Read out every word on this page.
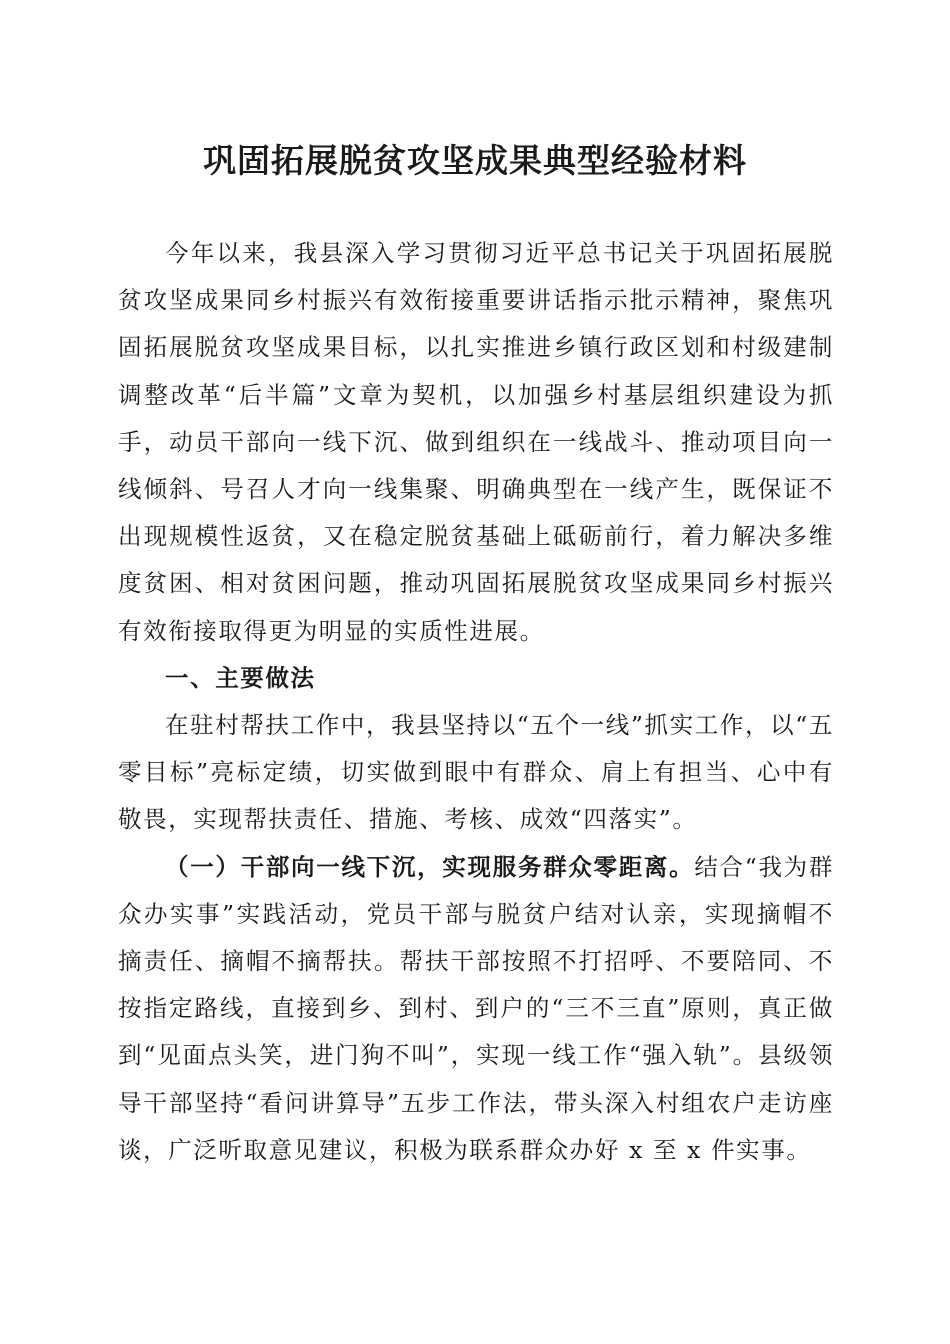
巩固拓展脱贫攻坚成果典型经验材料

今年以来，我县深入学习贯彻习近平总书记关于巩固拓展脱贫攻坚成果同乡村振兴有效衔接重要讲话指示批示精神，聚焦巩固拓展脱贫攻坚成果目标，以扎实推进乡镇行政区划和村级建制调整改革“后半篇”文章为契机，以加强乡村基层组织建设为抓手，动员干部向一线下沉、做到组织在一线战斗、推动项目向一线倾斜、号召人才向一线集聚、明确典型在一线产生，既保证不出现规模性返贫，又在稳定脱贫基础上砥砺前行，着力解决多维度贫困、相对贫困问题，推动巩固拓展脱贫攻坚成果同乡村振兴有效衔接取得更为明显的实质性进展。

一、主要做法

在驻村帮扶工作中，我县坚持以“五个一线”抓实工作，以“五零目标”亮标定绩，切实做到眼中有群众、肩上有担当、心中有敬畏，实现帮扶责任、措施、考核、成效“四落实”。

（一）干部向一线下沉，实现服务群众零距离。结合“我为群众办实事”实践活动，党员干部与脱贫户结对认亲，实现摘帽不摘责任、摘帽不摘帮扶。帮扶干部按照不打招呼、不要陪同、不按指定路线，直接到乡、到村、到户的“三不三直”原则，真正做到“见面点头笑，进门狗不叫”，实现一线工作“强入轨”。县级领导干部坚持“看问讲算导”五步工作法，带头深入村组农户走访座谈，广泛听取意见建议，积极为联系群众办好 x 至 x 件实事。
